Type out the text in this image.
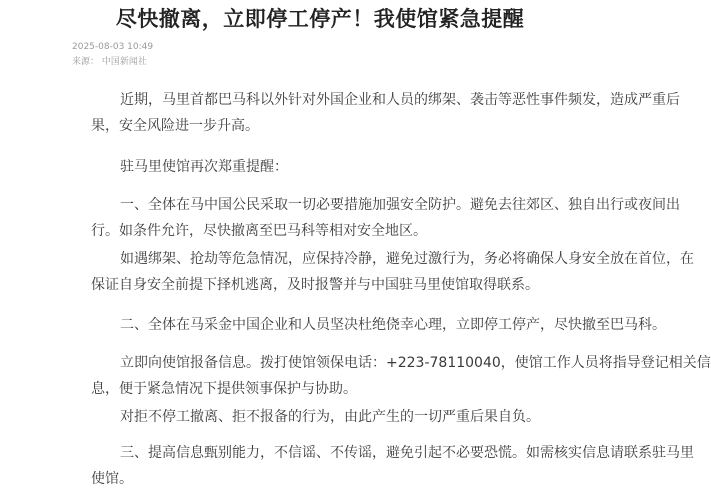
尽快撤离，立即停工停产！我使馆紧急提醒
2025-08-03 10:49
来源： 中国新闻社

近期，马里首都巴马科以外针对外国企业和人员的绑架、袭击等恶性事件频发，造成严重后
果，安全风险进一步升高。

驻马里使馆再次郑重提醒：

一、全体在马中国公民采取一切必要措施加强安全防护。避免去往郊区、独自出行或夜间出
行。如条件允许，尽快撤离至巴马科等相对安全地区。

如遇绑架、抢劫等危急情况，应保持冷静，避免过激行为，务必将确保人身安全放在首位，在
保证自身安全前提下择机逃离，及时报警并与中国驻马里使馆取得联系。

二、全体在马采金中国企业和人员坚决杜绝侥幸心理，立即停工停产，尽快撤至巴马科。

立即向使馆报备信息。拨打使馆领保电话：+223-78110040，使馆工作人员将指导登记相关信
息，便于紧急情况下提供领事保护与协助。

对拒不停工撤离、拒不报备的行为，由此产生的一切严重后果自负。

三、提高信息甄别能力，不信谣、不传谣，避免引起不必要恐慌。如需核实信息请联系驻马里
使馆。
